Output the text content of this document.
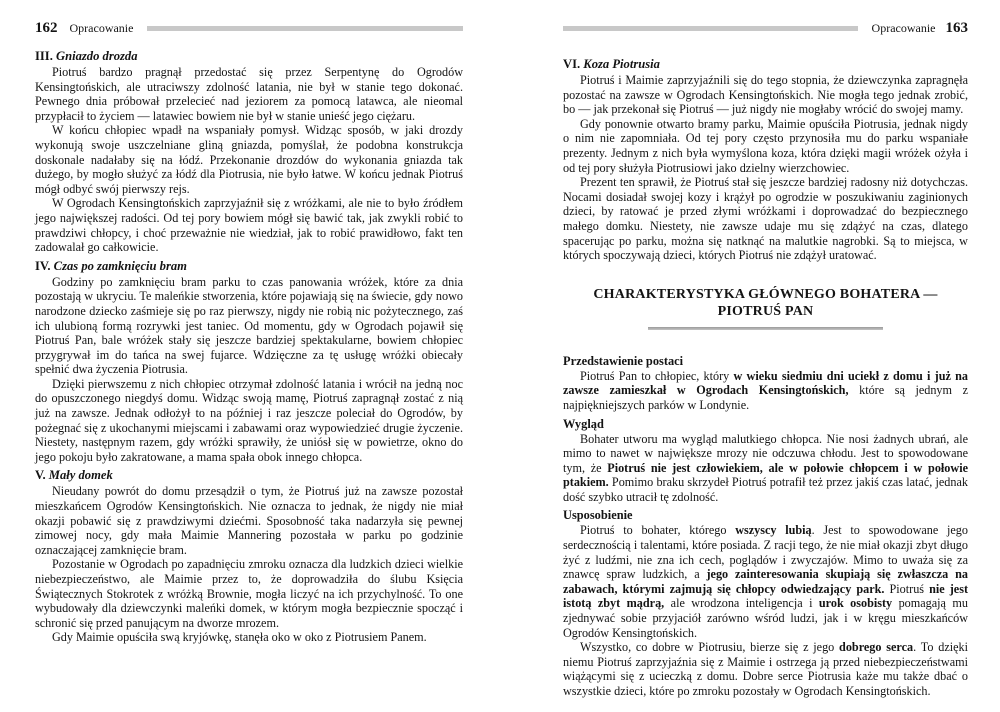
162 Opracowanie
III. Gniazdo drozda

Piotruś bardzo pragnął przedostać się przez Serpentynę do Ogrodów Kensingtońskich, ale utraciwszy zdolność latania, nie był w stanie tego dokonać. Pewnego dnia próbował przelecieć nad jeziorem za pomocą latawca, ale nieomal przypłacił to życiem — latawiec bowiem nie był w stanie unieść jego ciężaru.

W końcu chłopiec wpadł na wspaniały pomysł. Widząc sposób, w jaki drozdy wykonują swoje uszczelniane gliną gniazda, pomyślał, że podobna konstrukcja doskonale nadałaby się na łódź. Przekonanie drozdów do wykonania gniazda tak dużego, by mogło służyć za łódź dla Piotrusia, nie było łatwe. W końcu jednak Piotruś mógł odbyć swój pierwszy rejs.

W Ogrodach Kensingtońskich zaprzyjaźnił się z wróżkami, ale nie to było źródłem jego największej radości. Od tej pory bowiem mógł się bawić tak, jak zwykli robić to prawdziwi chłopcy, i choć przeważnie nie wiedział, jak to robić prawidłowo, fakt ten zadowalał go całkowicie.

IV. Czas po zamknięciu bram

Godziny po zamknięciu bram parku to czas panowania wróżek, które za dnia pozostają w ukryciu. Te maleńkie stworzenia, które pojawiają się na świecie, gdy nowo narodzone dziecko zaśmieje się po raz pierwszy, nigdy nie robią nic pożytecznego, zaś ich ulubioną formą rozrywki jest taniec. Od momentu, gdy w Ogrodach pojawił się Piotruś Pan, bale wróżek stały się jeszcze bardziej spektakularne, bowiem chłopiec przygrywał im do tańca na swej fujarce. Wdzięczne za tę usługę wróżki obiecały spełnić dwa życzenia Piotrusia.

Dzięki pierwszemu z nich chłopiec otrzymał zdolność latania i wrócił na jedną noc do opuszczonego niegdyś domu. Widząc swoją mamę, Piotruś zapragnął zostać z nią już na zawsze. Jednak odłożył to na później i raz jeszcze poleciał do Ogrodów, by pożegnać się z ukochanymi miejscami i zabawami oraz wypowiedzieć drugie życzenie. Niestety, następnym razem, gdy wróżki sprawiły, że uniósł się w powietrze, okno do jego pokoju było zakratowane, a mama spała obok innego chłopca.

V. Mały domek

Nieudany powrót do domu przesądził o tym, że Piotruś już na zawsze pozostał mieszkańcem Ogrodów Kensingtońskich. Nie oznacza to jednak, że nigdy nie miał okazji pobawić się z prawdziwymi dziećmi. Sposobność taka nadarzyła się pewnej zimowej nocy, gdy mała Maimie Mannering pozostała w parku po godzinie oznaczającej zamknięcie bram.

Pozostanie w Ogrodach po zapadnięciu zmroku oznacza dla ludzkich dzieci wielkie niebezpieczeństwo, ale Maimie przez to, że doprowadziła do ślubu Księcia Świątecznych Stokrotek z wróżką Brownie, mogła liczyć na ich przychylność. To one wybudowały dla dziewczynki maleńki domek, w którym mogła bezpiecznie spocząć i schronić się przed panującym na dworze mrozem.

Gdy Maimie opuściła swą kryjówkę, stanęła oko w oko z Piotrusiem Panem.

Opracowanie 163
VI. Koza Piotrusia

Piotruś i Maimie zaprzyjaźnili się do tego stopnia, że dziewczynka zapragnęła pozostać na zawsze w Ogrodach Kensingtońskich. Nie mogła tego jednak zrobić, bo — jak przekonał się Piotruś — już nigdy nie mogłaby wrócić do swojej mamy.

Gdy ponownie otwarto bramy parku, Maimie opuściła Piotrusia, jednak nigdy o nim nie zapomniała. Od tej pory często przynosiła mu do parku wspaniałe prezenty. Jednym z nich była wymyślona koza, która dzięki magii wróżek ożyła i od tej pory służyła Piotrusiowi jako dzielny wierzchowiec.

Prezent ten sprawił, że Piotruś stał się jeszcze bardziej radosny niż dotychczas. Nocami dosiadał swojej kozy i krążył po ogrodzie w poszukiwaniu zaginionych dzieci, by ratować je przed złymi wróżkami i doprowadzać do bezpiecznego małego domku. Niestety, nie zawsze udaje mu się zdążyć na czas, dlatego spacerując po parku, można się natknąć na malutkie nagrobki. Są to miejsca, w których spoczywają dzieci, których Piotruś nie zdążył uratować.

CHARAKTERYSTYKA GŁÓWNEGO BOHATERA — PIOTRUŚ PAN
Przedstawienie postaci

Piotruś Pan to chłopiec, który w wieku siedmiu dni uciekł z domu i już na zawsze zamieszkał w Ogrodach Kensingtońskich, które są jednym z najpiękniejszych parków w Londynie.

Wygląd

Bohater utworu ma wygląd malutkiego chłopca. Nie nosi żadnych ubrań, ale mimo to nawet w największe mrozy nie odczuwa chłodu. Jest to spowodowane tym, że Piotruś nie jest człowiekiem, ale w połowie chłopcem i w połowie ptakiem. Pomimo braku skrzydeł Piotruś potrafił też przez jakiś czas latać, jednak dość szybko utracił tę zdolność.

Usposobienie

Piotruś to bohater, którego wszyscy lubią. Jest to spowodowane jego serdecznością i talentami, które posiada. Z racji tego, że nie miał okazji zbyt długo żyć z ludźmi, nie zna ich cech, poglądów i zwyczajów. Mimo to uważa się za znawcę spraw ludzkich, a jego zainteresowania skupiają się zwłaszcza na zabawach, którymi zajmują się chłopcy odwiedzający park. Piotruś nie jest istotą zbyt mądrą, ale wrodzona inteligencja i urok osobisty pomagają mu zjednywać sobie przyjaciół zarówno wśród ludzi, jak i w kręgu mieszkańców Ogrodów Kensingtońskich.

Wszystko, co dobre w Piotrusiu, bierze się z jego dobrego serca. To dzięki niemu Piotruś zaprzyjaźnia się z Maimie i ostrzega ją przed niebezpieczeństwami wiążącymi się z ucieczką z domu. Dobre serce Piotrusia każe mu także dbać o wszystkie dzieci, które po zmroku pozostały w Ogrodach Kensingtońskich.
